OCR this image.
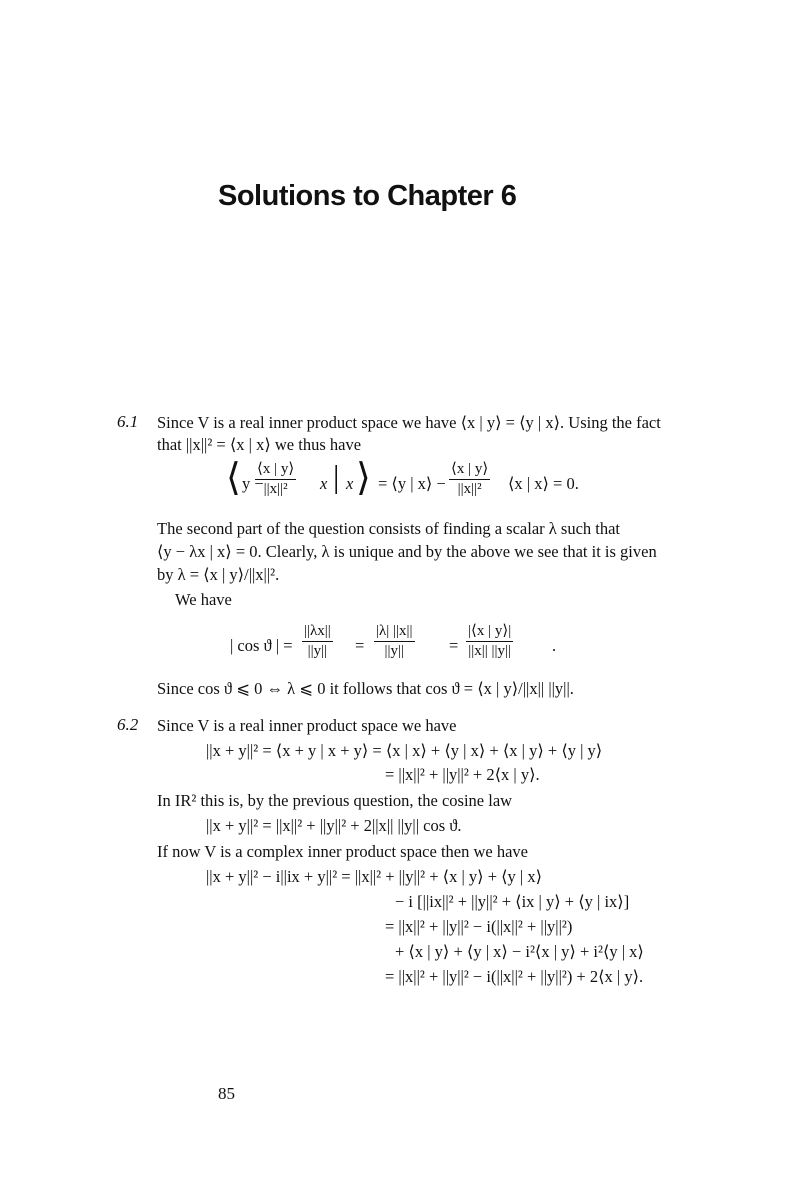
Solutions to Chapter 6
6.1 Since V is a real inner product space we have ⟨x | y⟩ = ⟨y | x⟩. Using the fact
that ||x||² = ⟨x | x⟩ we thus have
⟨ y −
$\frac{⟨x | y⟩}{\text{||x||²}}$ x | x ⟩ = ⟨y | x⟩ − $\frac{⟨x | y⟩}{\text{||x||²}}$ ⟨x | x⟩ = 0.
The second part of the question consists of finding a scalar λ such that
⟨y − λx | x⟩ = 0. Clearly, λ is unique and by the above we see that it is given
by λ = ⟨x | y⟩/||x||².
We have
| cos ϑ | = $\frac{||\lambda x||}{||y||} = \frac{|\lambda| ||x||}{||y||} = \frac{|⟨x | y⟩|}{||x|| ||y||}$ .
Since cos ϑ ⩽ 0 ⇔ λ ⩽ 0 it follows that cos ϑ = ⟨x | y⟩/||x|| ||y||.
6.2 Since V is a real inner product space we have
||x + y||² = ⟨x + y | x + y⟩ = ⟨x | x⟩ + ⟨y | x⟩ + ⟨x | y⟩ + ⟨y | y⟩
= ||x||² + ||y||² + 2⟨x | y⟩.
In IR² this is, by the previous question, the cosine law
||x + y||² = ||x||² + ||y||² + 2||x|| ||y|| cos ϑ.
If now V is a complex inner product space then we have
||x + y||² − i||ix + y||² = ||x||² + ||y||² + ⟨x | y⟩ + ⟨y | x⟩
− i [||ix||² + ||y||² + ⟨ix | y⟩ + ⟨y | ix⟩]
= ||x||² + ||y||² − i(||x||² + ||y||²)
+ ⟨x | y⟩ + ⟨y | x⟩ − i²⟨x | y⟩ + i²⟨y | x⟩
= ||x||² + ||y||² − i(||x||² + ||y||²) + 2⟨x | y⟩.
85
